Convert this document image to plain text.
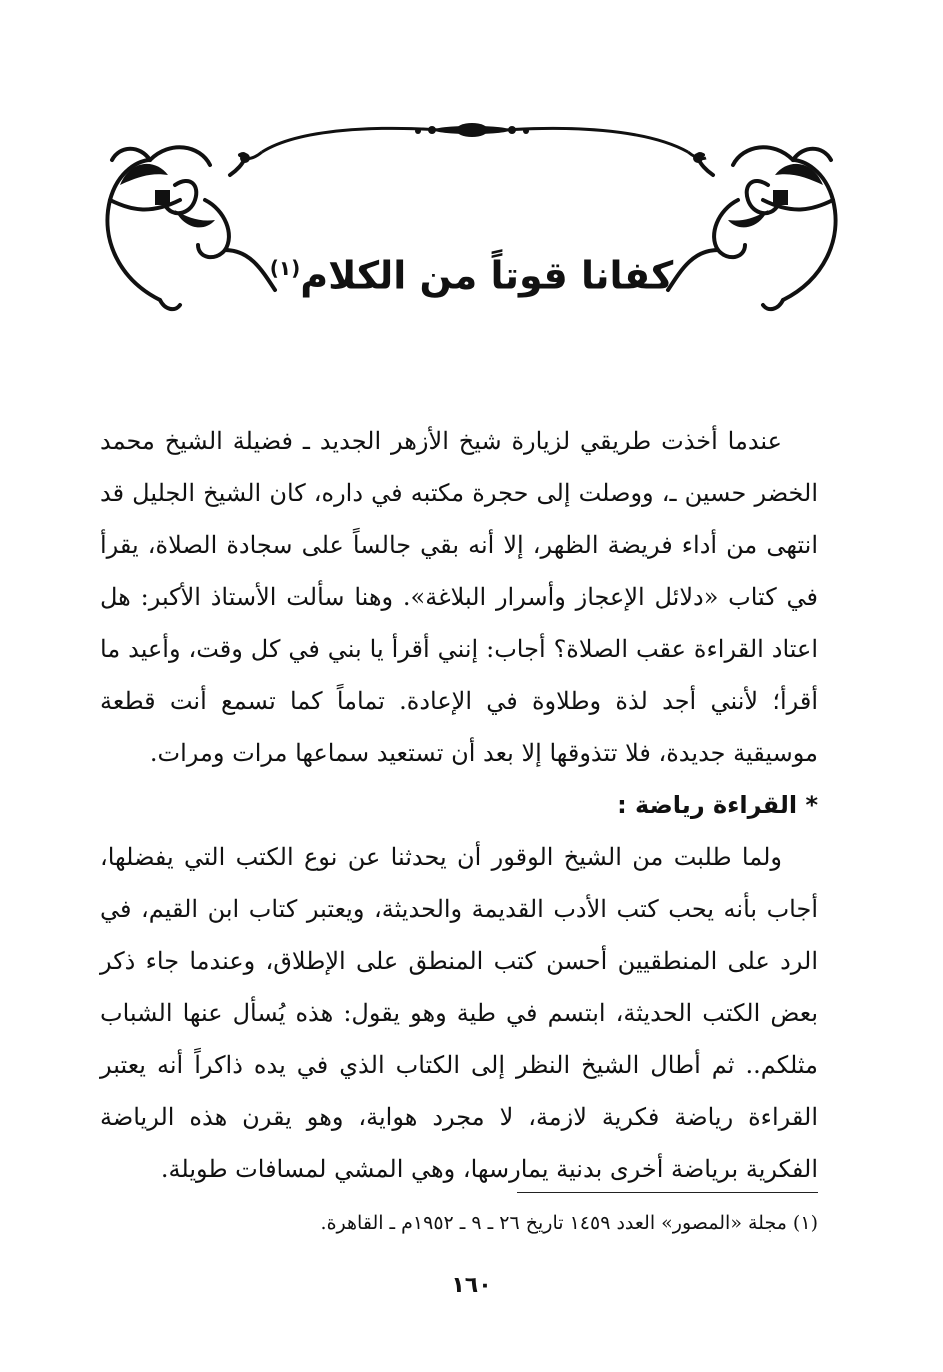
كفانا قوتاً من الكلام$^{(١)}$

عندما أخذت طريقي لزيارة شيخ الأزهر الجديد ـ فضيلة الشيخ محمد الخضر حسين ـ، ووصلت إلى حجرة مكتبه في داره، كان الشيخ الجليل قد انتهى من أداء فريضة الظهر، إلا أنه بقي جالساً على سجادة الصلاة، يقرأ في كتاب «دلائل الإعجاز وأسرار البلاغة». وهنا سألت الأستاذ الأكبر: هل اعتاد القراءة عقب الصلاة؟ أجاب: إنني أقرأ يا بني في كل وقت، وأعيد ما أقرأ؛ لأنني أجد لذة وطلاوة في الإعادة. تماماً كما تسمع أنت قطعة موسيقية جديدة، فلا تتذوقها إلا بعد أن تستعيد سماعها مرات ومرات.

* القراءة رياضة :

ولما طلبت من الشيخ الوقور أن يحدثنا عن نوع الكتب التي يفضلها، أجاب بأنه يحب كتب الأدب القديمة والحديثة، ويعتبر كتاب ابن القيم، في الرد على المنطقيين أحسن كتب المنطق على الإطلاق، وعندما جاء ذكر بعض الكتب الحديثة، ابتسم في طية وهو يقول: هذه يُسأل عنها الشباب مثلكم.. ثم أطال الشيخ النظر إلى الكتاب الذي في يده ذاكراً أنه يعتبر القراءة رياضة فكرية لازمة، لا مجرد هواية، وهو يقرن هذه الرياضة الفكرية برياضة أخرى بدنية يمارسها، وهي المشي لمسافات طويلة.

(١) مجلة «المصور» العدد ١٤٥٩ تاريخ ٢٦ ـ ٩ ـ ١٩٥٢م ـ القاهرة.
١٦٠
